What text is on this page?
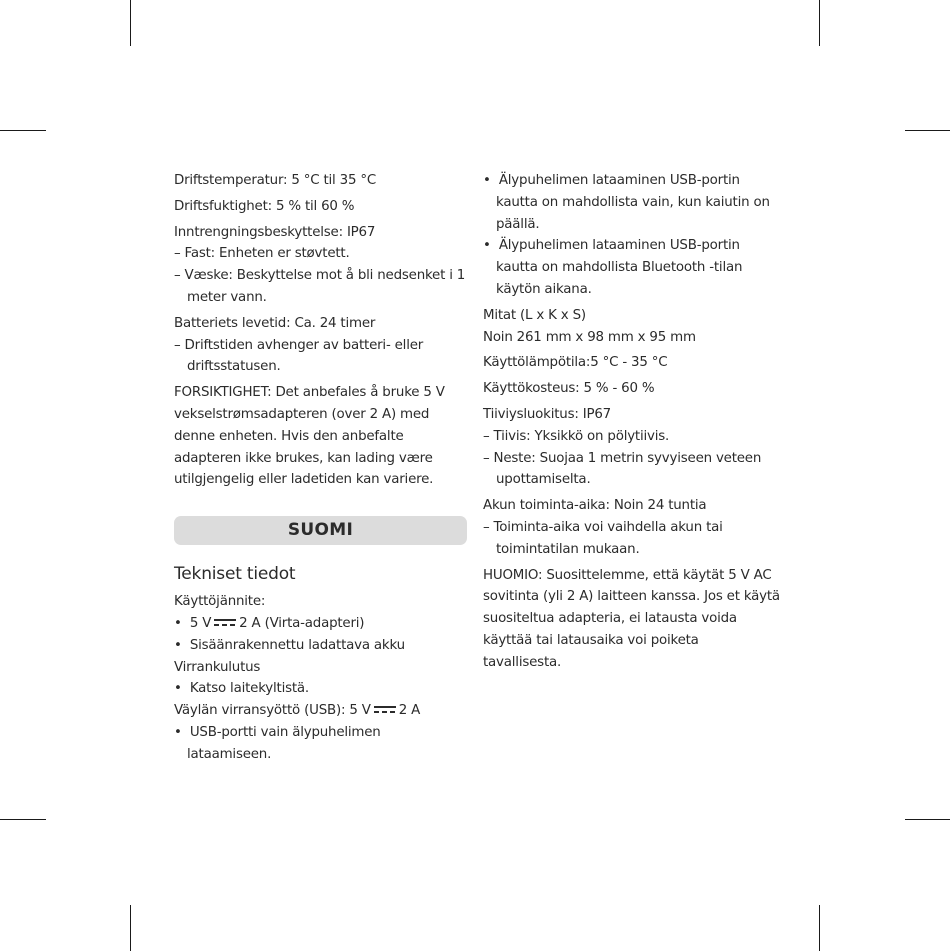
Driftstemperatur: 5 °C til 35 °C

Driftsfuktighet: 5 % til 60 %

Inntrengningsbeskyttelse: IP67

– Fast: Enheten er støvtett.

– Væske: Beskyttelse mot å bli nedsenket i 1 meter vann.

Batteriets levetid: Ca. 24 timer

– Driftstiden avhenger av batteri- eller driftsstatusen.

FORSIKTIGHET: Det anbefales å bruke 5 V vekselstrømsadapteren (over 2 A) med denne enheten. Hvis den anbefalte adapteren ikke brukes, kan lading være utilgjengelig eller ladetiden kan variere.

SUOMI

Tekniset tiedot

Käyttöjännite:

• 5 V 2 A (Virta-adapteri)

• Sisäänrakennettu ladattava akku

Virrankulutus

• Katso laitekyltistä.

Väylän virransyöttö (USB): 5 V 2 A

• USB-portti vain älypuhelimen lataamiseen.

• Älypuhelimen lataaminen USB-portin kautta on mahdollista vain, kun kaiutin on päällä.

• Älypuhelimen lataaminen USB-portin kautta on mahdollista Bluetooth -tilan käytön aikana.

Mitat (L x K x S)

Noin 261 mm x 98 mm x 95 mm

Käyttölämpötila:5 °C - 35 °C

Käyttökosteus: 5 % - 60 %

Tiiviysluokitus: IP67

– Tiivis: Yksikkö on pölytiivis.

– Neste: Suojaa 1 metrin syvyiseen veteen upottamiselta.

Akun toiminta-aika: Noin 24 tuntia

– Toiminta-aika voi vaihdella akun tai toimintatilan mukaan.

HUOMIO: Suosittelemme, että käytät 5 V AC sovitinta (yli 2 A) laitteen kanssa. Jos et käytä suositeltua adapteria, ei latausta voida käyttää tai latausaika voi poiketa tavallisesta.
